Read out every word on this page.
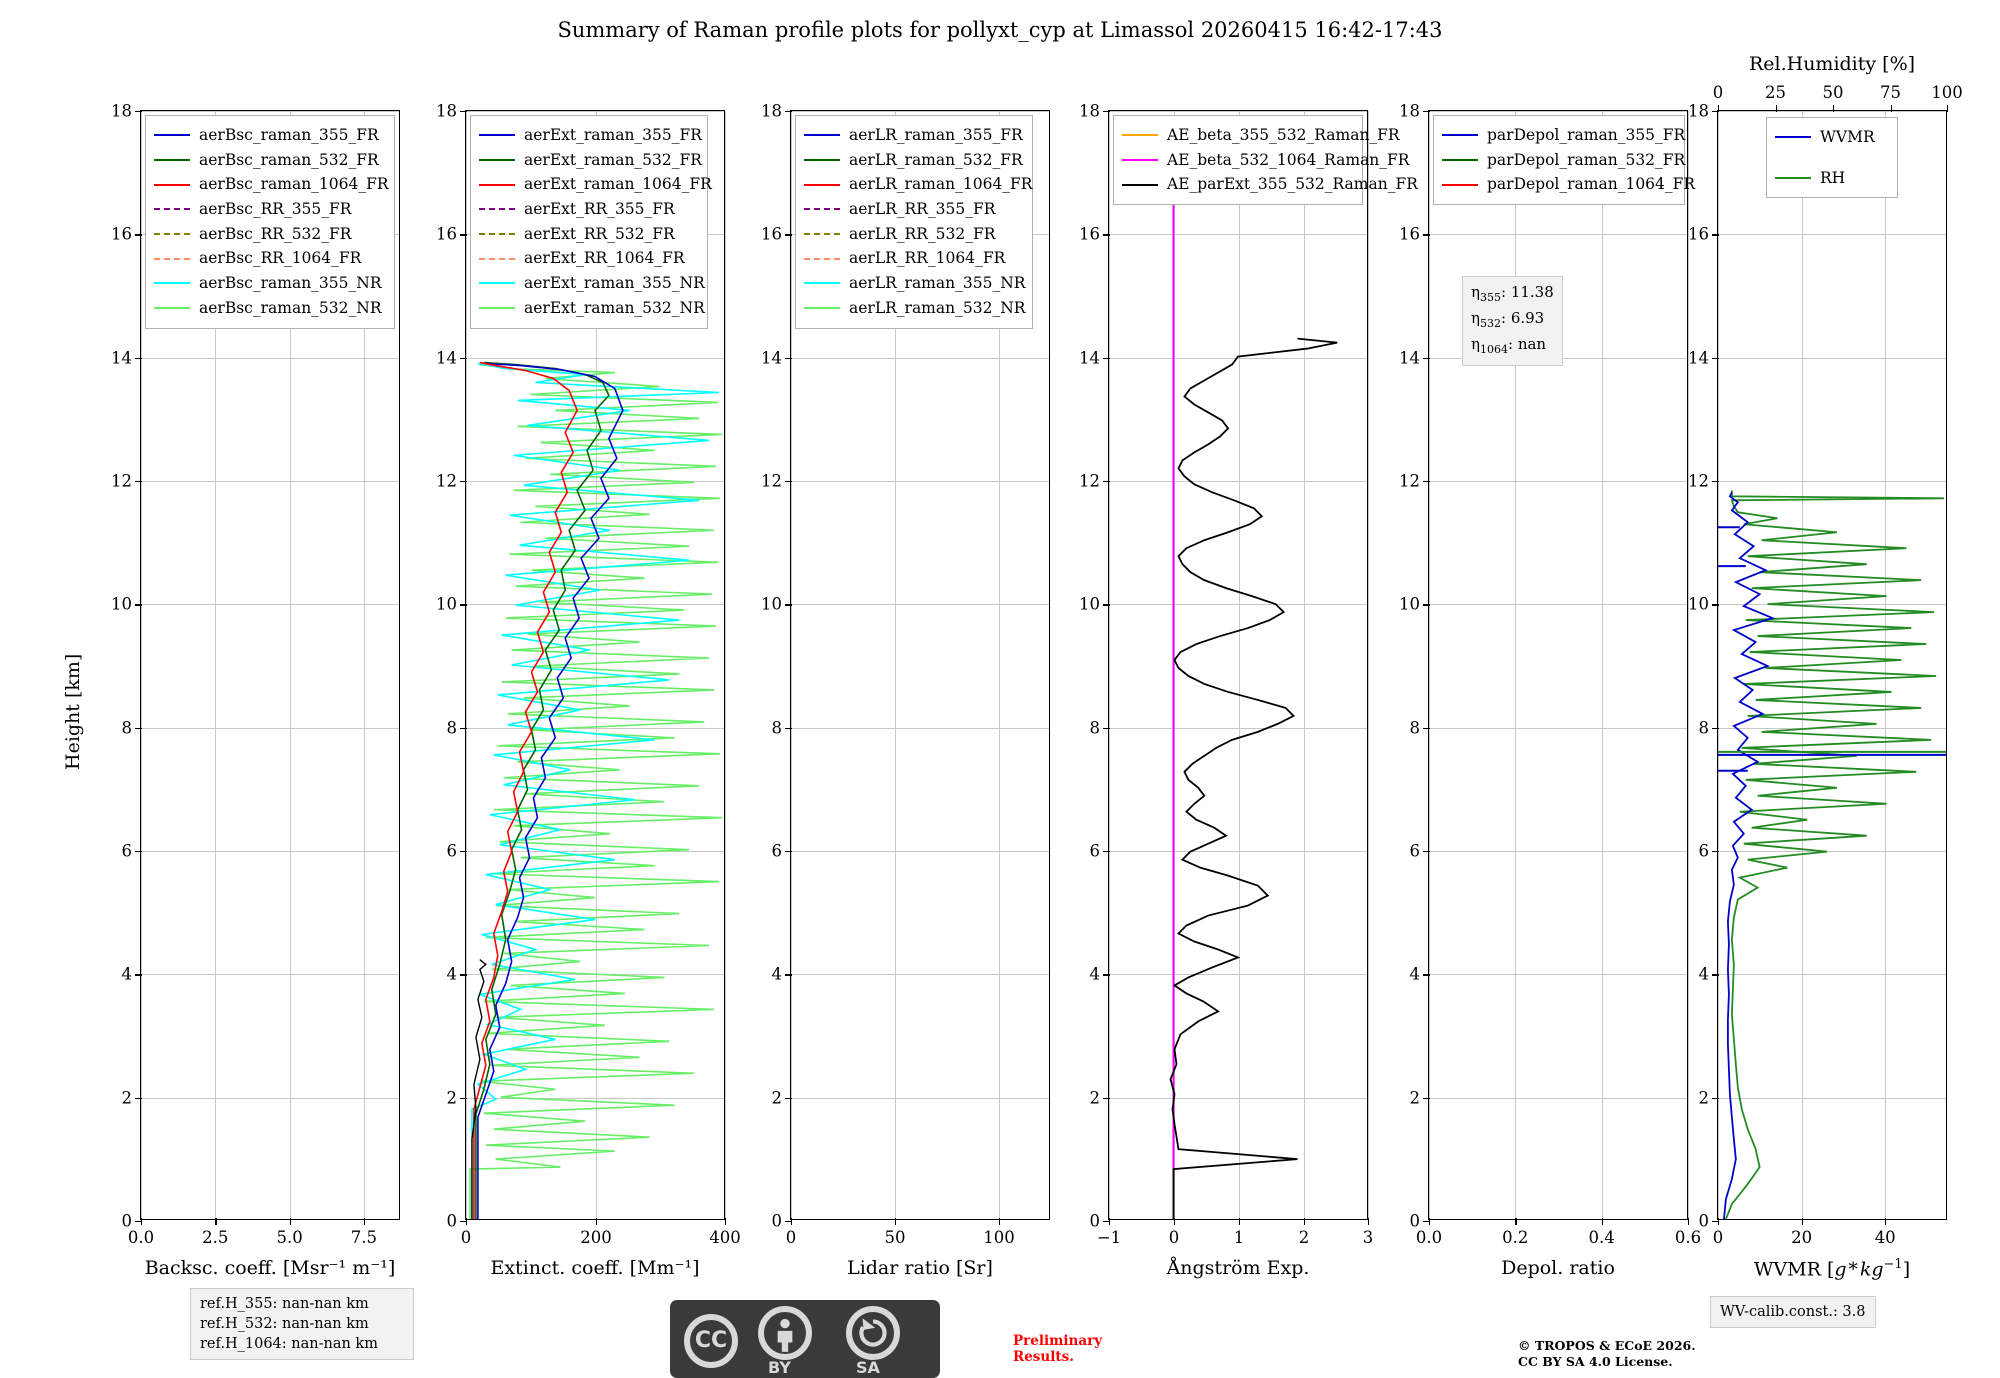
Summary of Raman profile plots for pollyxt_cyp at Limassol 20260415 16:42-17:43
0
2
4
6
8
10
12
14
16
18
0.0	2.5	5.0	7.5
Backsc. coeff. [Msr⁻¹ m⁻¹]
aerBsc_raman_355_FR
aerBsc_raman_532_FR
aerBsc_raman_1064_FR
aerBsc_RR_355_FR
aerBsc_RR_532_FR
aerBsc_RR_1064_FR
aerBsc_raman_355_NR
aerBsc_raman_532_NR
Height [km]
0
2
4
6
8
10
12
14
16
18
0	200	400
Extinct. coeff. [Mm⁻¹]
aerExt_raman_355_FR
aerExt_raman_532_FR
aerExt_raman_1064_FR
aerExt_RR_355_FR
aerExt_RR_532_FR
aerExt_RR_1064_FR
aerExt_raman_355_NR
aerExt_raman_532_NR
0
2
4
6
8
10
12
14
16
18
0	50	100
Lidar ratio [Sr]
aerLR_raman_355_FR
aerLR_raman_532_FR
aerLR_raman_1064_FR
aerLR_RR_355_FR
aerLR_RR_532_FR
aerLR_RR_1064_FR
aerLR_raman_355_NR
aerLR_raman_532_NR
0
2
4
6
8
10
12
14
16
18
−1	0	1	2	3
Ångström Exp.
AE_beta_355_532_Raman_FR
AE_beta_532_1064_Raman_FR
AE_parExt_355_532_Raman_FR
0
2
4
6
8
10
12
14
16
18
0.0	0.2	0.4	0.6
Depol. ratio
parDepol_raman_355_FR
parDepol_raman_532_FR
parDepol_raman_1064_FR
$\eta_{355}$: 11.38
$\eta_{532}$: 6.93
$\eta_{1064}$: nan
0
2
4
6
8
10
12
14
16
18
0	20	40
0	25 50 75 100
Rel.Humidity [%]
WVMR [g * $kg^{-1}$]
WVMR
RH
ref.H_355: nan-nan km
ref.H_532: nan-nan km
ref.H_1064: nan-nan km
WV-calib.const.: 3.8
CC
BY	SA
Preliminary
Results.
© TROPOS & ECoE 2026.
CC BY SA 4.0 License.
